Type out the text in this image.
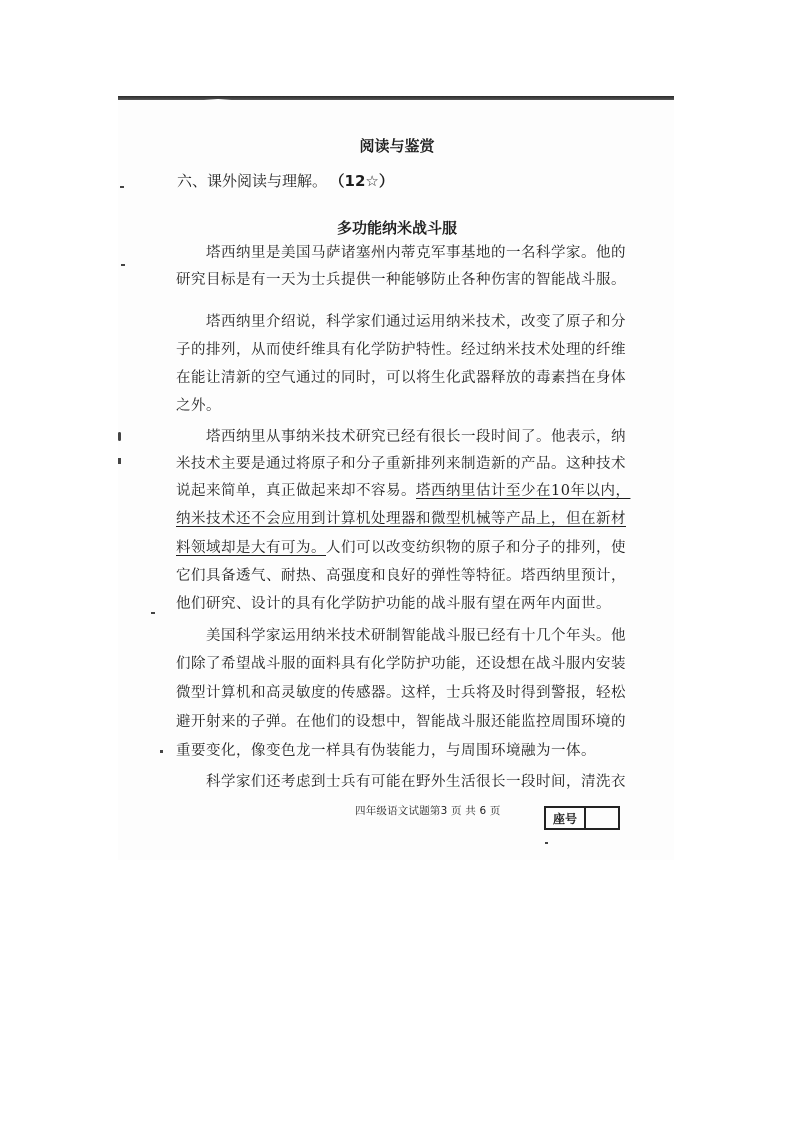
阅读与鉴赏
六、课外阅读与理解。 （12☆）
多功能纳米战斗服
塔西纳里是美国马萨诸塞州内蒂克军事基地的一名科学家。他的
研究目标是有一天为士兵提供一种能够防止各种伤害的智能战斗服。
塔西纳里介绍说，科学家们通过运用纳米技术，改变了原子和分
子的排列，从而使纤维具有化学防护特性。经过纳米技术处理的纤维
在能让清新的空气通过的同时，可以将生化武器释放的毒素挡在身体
之外。
塔西纳里从事纳米技术研究已经有很长一段时间了。他表示，纳
米技术主要是通过将原子和分子重新排列来制造新的产品。这种技术
说起来简单，真正做起来却不容易。塔西纳里估计至少在10年以内，
纳米技术还不会应用到计算机处理器和微型机械等产品上，但在新材
料领域却是大有可为。人们可以改变纺织物的原子和分子的排列，使
它们具备透气、耐热、高强度和良好的弹性等特征。塔西纳里预计，
他们研究、设计的具有化学防护功能的战斗服有望在两年内面世。
美国科学家运用纳米技术研制智能战斗服已经有十几个年头。他
们除了希望战斗服的面料具有化学防护功能，还设想在战斗服内安装
微型计算机和高灵敏度的传感器。这样，士兵将及时得到警报，轻松
避开射来的子弹。在他们的设想中，智能战斗服还能监控周围环境的
重要变化，像变色龙一样具有伪装能力，与周围环境融为一体。
科学家们还考虑到士兵有可能在野外生活很长一段时间，清洗衣
四年级语文试题第3 页 共 6 页
座号
